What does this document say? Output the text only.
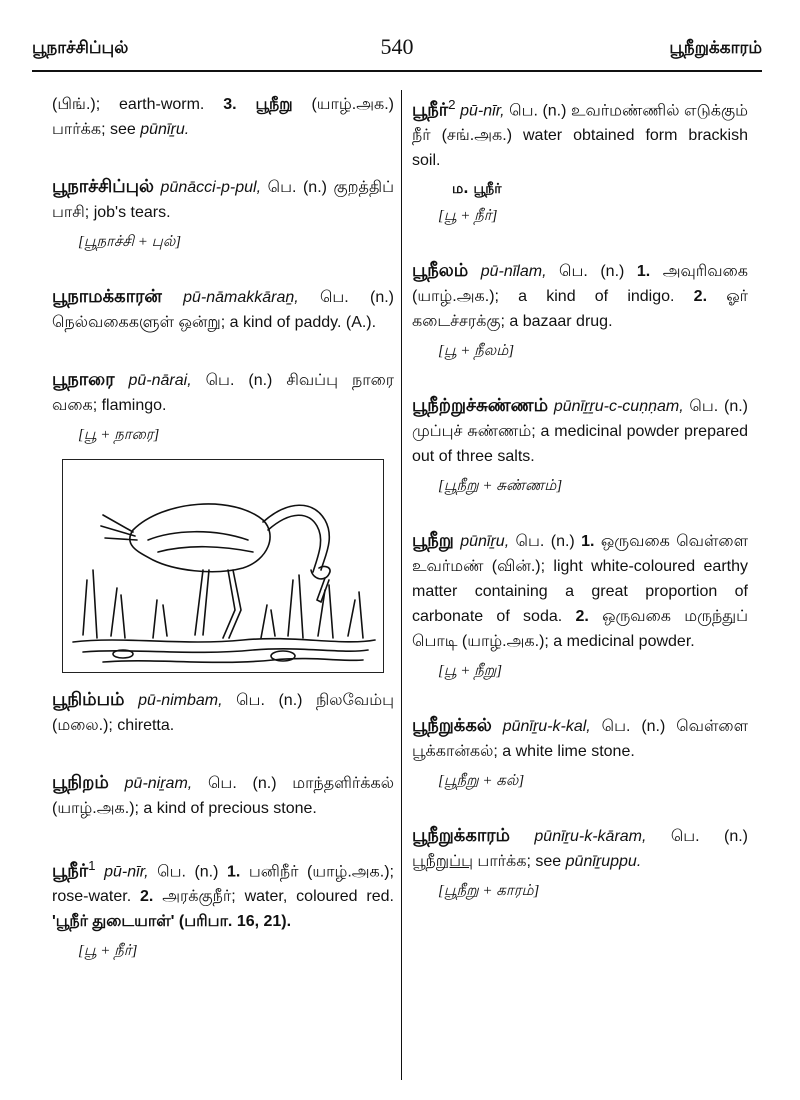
பூநாச்சிப்புல்	540	பூநீறுக்காரம்

(பிங்.); earth-worm. 3. பூநீறு (யாழ்.அக.) பார்க்க; see pūnīṟu.

பூநாச்சிப்புல் pūnācci-p-pul, பெ. (n.) குறத்திப் பாசி; job's tears.

[பூநாச்சி + புல்]

பூநாமக்காரன் pū-nāmakkāraṉ, பெ. (n.) நெல்வகைகளுள் ஒன்று; a kind of paddy. (A.).

பூநாரை pū-nārai, பெ. (n.) சிவப்பு நாரை வகை; flamingo.

[பூ + நாரை]

பூநிம்பம் pū-nimbam, பெ. (n.) நிலவேம்பு (மலை.); chiretta.

பூநிறம் pū-niṟam, பெ. (n.) மாந்தளிர்க்கல் (யாழ்.அக.); a kind of precious stone.

பூநீர்$^1$ pū-nīr, பெ. (n.) 1. பனிநீர் (யாழ்.அக.); rose-water. 2. அரக்குநீர்; water, coloured red. 'பூநீர் துடையாள்' (பரிபா. 16, 21).

[பூ + நீர்]

பூநீர்$^2$ pū-nīr, பெ. (n.) உவர்மண்ணில் எடுக்கும் நீர் (சங்.அக.) water obtained form brackish soil.

ம. பூநீர்

[பூ + நீர்]

பூநீலம் pū-nīlam, பெ. (n.) 1. அவுரிவகை (யாழ்.அக.); a kind of indigo. 2. ஓர் கடைச்சரக்கு; a bazaar drug.

[பூ + நீலம்]

பூநீற்றுச்சுண்ணம் pūnīṟṟu-c-cuṇṇam, பெ. (n.) முப்புச் சுண்ணம்; a medicinal powder prepared out of three salts.

[பூநீறு + சுண்ணம்]

பூநீறு pūnīṟu, பெ. (n.) 1. ஒருவகை வெள்ளை உவர்மண் (வின்.); light white-coloured earthy matter containing a great proportion of carbonate of soda. 2. ஒருவகை மருந்துப் பொடி (யாழ்.அக.); a medicinal powder.

[பூ + நீறு]

பூநீறுக்கல் pūnīṟu-k-kal, பெ. (n.) வெள்ளை பூக்கான்கல்; a white lime stone.

[பூநீறு + கல்]

பூநீறுக்காரம் pūnīṟu-k-kāram, பெ. (n.) பூநீறுப்பு பார்க்க; see pūnīṟuppu.

[பூநீறு + காரம்]
